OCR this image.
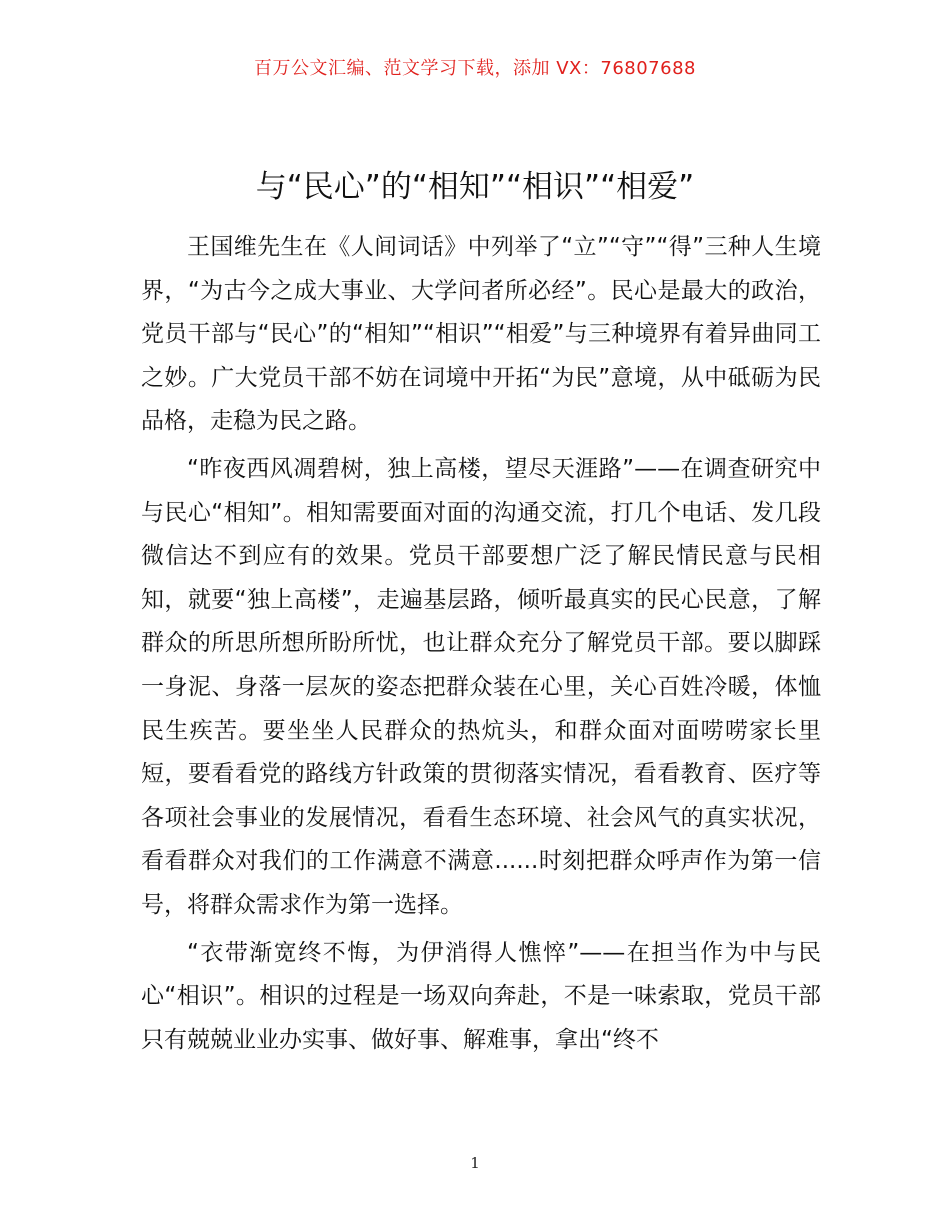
百万公文汇编、范文学习下载，添加 VX：76807688
与“民心”的“相知”“相识”“相爱”

王国维先生在《人间词话》中列举了“立”“守”“得”三种人生境界，“为古今之成大事业、大学问者所必经”。民心是最大的政治，党员干部与“民心”的“相知”“相识”“相爱”与三种境界有着异曲同工之妙。广大党员干部不妨在词境中开拓“为民”意境，从中砥砺为民品格，走稳为民之路。

“昨夜西风凋碧树，独上高楼，望尽天涯路”——在调查研究中与民心“相知”。相知需要面对面的沟通交流，打几个电话、发几段微信达不到应有的效果。党员干部要想广泛了解民情民意与民相知，就要“独上高楼”，走遍基层路，倾听最真实的民心民意，了解群众的所思所想所盼所忧，也让群众充分了解党员干部。要以脚踩一身泥、身落一层灰的姿态把群众装在心里，关心百姓冷暖，体恤民生疾苦。要坐坐人民群众的热炕头，和群众面对面唠唠家长里短，要看看党的路线方针政策的贯彻落实情况，看看教育、医疗等各项社会事业的发展情况，看看生态环境、社会风气的真实状况，看看群众对我们的工作满意不满意......时刻把群众呼声作为第一信号，将群众需求作为第一选择。

“衣带渐宽终不悔，为伊消得人憔悴”——在担当作为中与民心“相识”。相识的过程是一场双向奔赴，不是一味索取，党员干部只有兢兢业业办实事、做好事、解难事，拿出“终不

1
